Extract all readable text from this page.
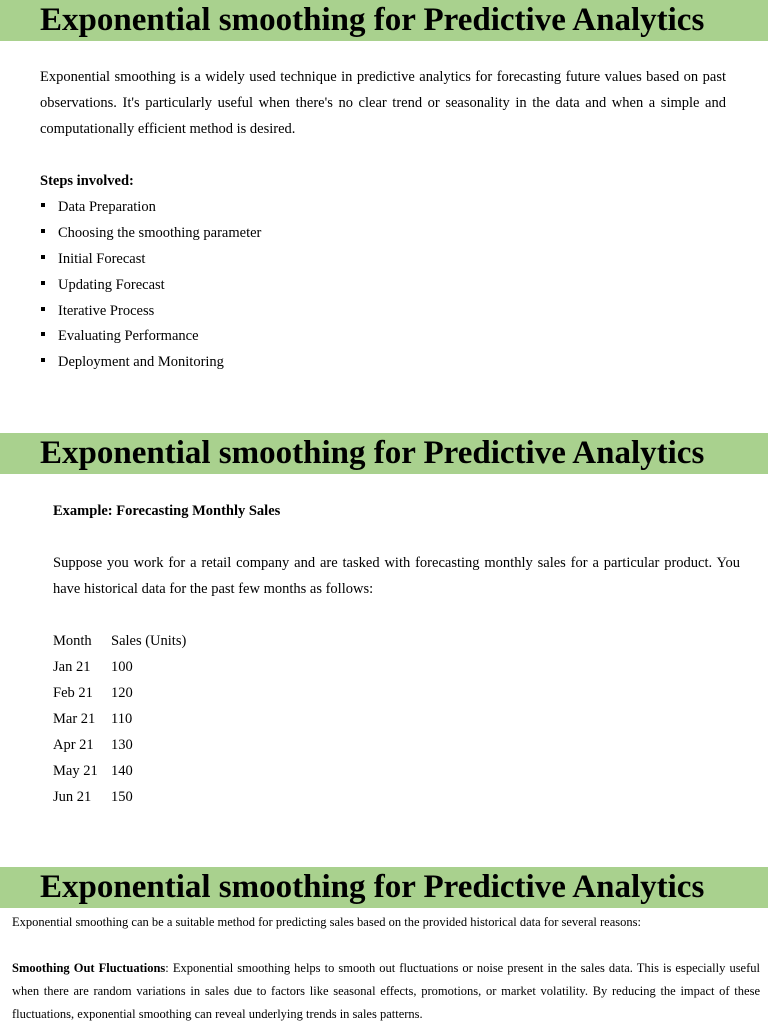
Exponential smoothing for Predictive Analytics

Exponential smoothing is a widely used technique in predictive analytics for forecasting future values based on past observations. It's particularly useful when there's no clear trend or seasonality in the data and when a simple and computationally efficient method is desired.

Steps involved:
Data Preparation
Choosing the smoothing parameter
Initial Forecast
Updating Forecast
Iterative Process
Evaluating Performance
Deployment and Monitoring
Exponential smoothing for Predictive Analytics
Example: Forecasting Monthly Sales

Suppose you work for a retail company and are tasked with forecasting monthly sales for a particular product. You have historical data for the past few months as follows:

Month	Sales (Units)
Jan 21	100
Feb 21	120
Mar 21	110
Apr 21	130
May 21	140
Jun 21	150
Exponential smoothing for Predictive Analytics

Exponential smoothing can be a suitable method for predicting sales based on the provided historical data for several reasons:

Smoothing Out Fluctuations: Exponential smoothing helps to smooth out fluctuations or noise present in the sales data. This is especially useful when there are random variations in sales due to factors like seasonal effects, promotions, or market volatility. By reducing the impact of these fluctuations, exponential smoothing can reveal underlying trends in sales patterns.
